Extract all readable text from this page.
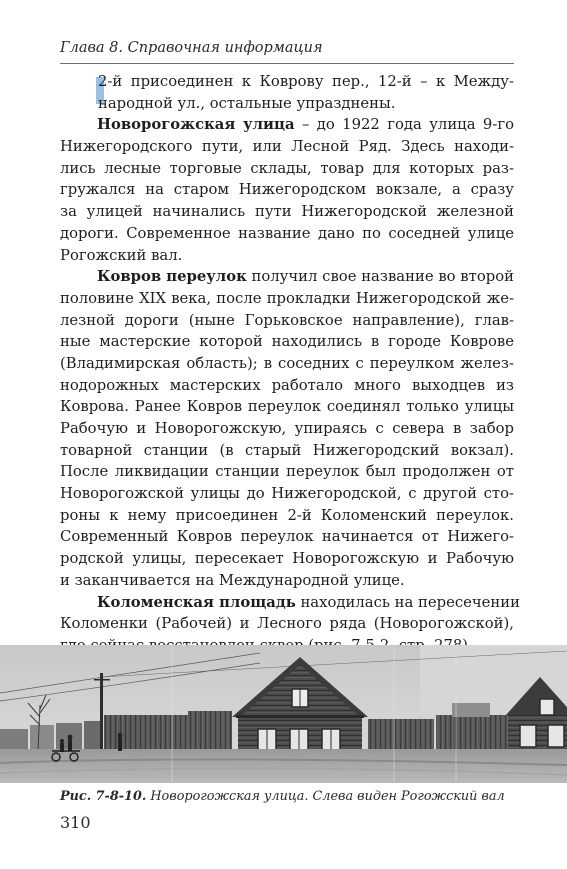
Глава 8. Справочная информация
2-й присоединен к Коврову пер., 12-й – к Между-
народной ул., остальные упразднены.
Новорогожская улица – до 1922 года улица 9-го
Нижегородского пути, или Лесной Ряд. Здесь находи-
лись лесные торговые склады, товар для которых раз-
гружался на старом Нижегородском вокзале, а сразу
за улицей начинались пути Нижегородской железной
дороги. Современное название дано по соседней улице
Рогожский вал.
Ковров переулок получил свое название во второй
половине XIX века, после прокладки Нижегородской же-
лезной дороги (ныне Горьковское направление), глав-
ные мастерские которой находились в городе Коврове
(Владимирская область); в соседних с переулком желез-
нодорожных мастерских работало много выходцев из
Коврова. Ранее Ковров переулок соединял только улицы
Рабочую и Новорогожскую, упираясь с севера в забор
товарной станции (в старый Нижегородский вокзал).
После ликвидации станции переулок был продолжен от
Новорогожской улицы до Нижегородской, с другой сто-
роны к нему присоединен 2-й Коломенский переулок.
Современный Ковров переулок начинается от Нижего-
родской улицы, пересекает Новорогожскую и Рабочую
и заканчивается на Международной улице.
Коломенская площадь находилась на пересечении
Коломенки (Рабочей) и Лесного ряда (Новорогожской),
Рис. 7-8-10. Новорогожская улица. Слева виден Рогожский вал
310
